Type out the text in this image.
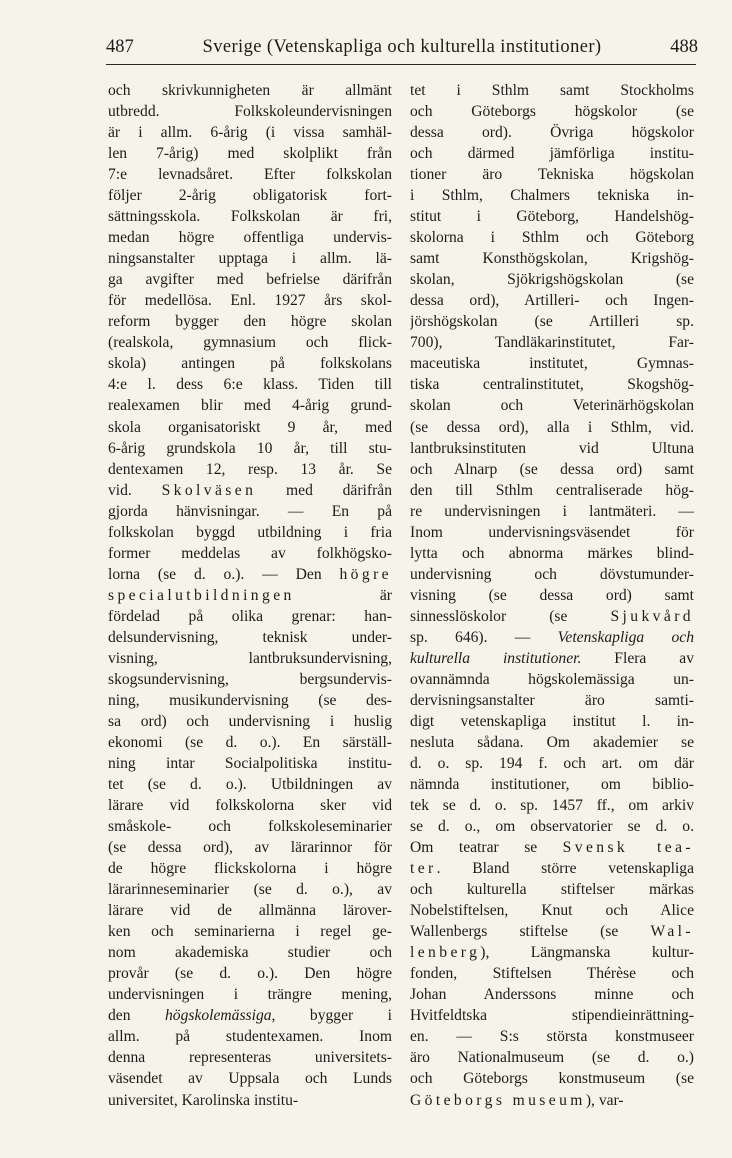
487	Sverige (Vetenskapliga och kulturella institutioner)	488
och skrivkunnigheten är allmänt
utbredd. Folkskoleundervisningen
är i allm. 6-årig (i vissa samhäl-
len 7-årig) med skolplikt från
7:e levnadsåret. Efter folkskolan
följer 2-årig obligatorisk fort-
sättningsskola. Folkskolan är fri,
medan högre offentliga undervis-
ningsanstalter upptaga i allm. lä-
ga avgifter med befrielse därifrån
för medellösa. Enl. 1927 års skol-
reform bygger den högre skolan
(realskola, gymnasium och flick-
skola) antingen på folkskolans
4:e l. dess 6:e klass. Tiden till
realexamen blir med 4-årig grund-
skola organisatoriskt 9 år, med
6-årig grundskola 10 år, till stu-
dentexamen 12, resp. 13 år. Se
vid. Skolväsen med därifrån
gjorda hänvisningar. — En på
folkskolan byggd utbildning i fria
former meddelas av folkhögsko-
lorna (se d. o.). — Den högre
specialutbildningen är
fördelad på olika grenar: han-
delsundervisning, teknisk under-
visning, lantbruksundervisning,
skogsundervisning, bergsundervis-
ning, musikundervisning (se des-
sa ord) och undervisning i huslig
ekonomi (se d. o.). En särställ-
ning intar Socialpolitiska institu-
tet (se d. o.). Utbildningen av
lärare vid folkskolorna sker vid
småskole- och folkskoleseminarier
(se dessa ord), av lärarinnor för
de högre flickskolorna i högre
lärarinneseminarier (se d. o.), av
lärare vid de allmänna lärover-
ken och seminarierna i regel ge-
nom akademiska studier och
provår (se d. o.). Den högre
undervisningen i trängre mening,
den högskolemässiga, bygger i
allm. på studentexamen. Inom
denna representeras universitets-
väsendet av Uppsala och Lunds
universitet, Karolinska institu-
tet i Sthlm samt Stockholms
och Göteborgs högskolor (se
dessa ord). Övriga högskolor
och därmed jämförliga institu-
tioner äro Tekniska högskolan
i Sthlm, Chalmers tekniska in-
stitut i Göteborg, Handelshög-
skolorna i Sthlm och Göteborg
samt Konsthögskolan, Krigshög-
skolan, Sjökrigshögskolan (se
dessa ord), Artilleri- och Ingen-
jörshögskolan (se Artilleri sp.
700), Tandläkarinstitutet, Far-
maceutiska institutet, Gymnas-
tiska centralinstitutet, Skogshög-
skolan och Veterinärhögskolan
(se dessa ord), alla i Sthlm, vid.
lantbruksinstituten vid Ultuna
och Alnarp (se dessa ord) samt
den till Sthlm centraliserade hög-
re undervisningen i lantmäteri. —
Inom undervisningsväsendet för
lytta och abnorma märkes blind-
undervisning och dövstumunder-
visning (se dessa ord) samt
sinnesslöskolor (se Sjukvård
sp. 646). — Vetenskapliga och
kulturella institutioner. Flera av
ovannämnda högskolemässiga un-
dervisningsanstalter äro samti-
digt vetenskapliga institut l. in-
nesluta sådana. Om akademier se
d. o. sp. 194 f. och art. om där
nämnda institutioner, om biblio-
tek se d. o. sp. 1457 ff., om arkiv
se d. o., om observatorier se d. o.
Om teatrar se Svensk tea-
ter. Bland större vetenskapliga
och kulturella stiftelser märkas
Nobelstiftelsen, Knut och Alice
Wallenbergs stiftelse (se Wal-
lenberg), Längmanska kultur-
fonden, Stiftelsen Thérèse och
Johan Anderssons minne och
Hvitfeldtska stipendieinrättning-
en. — S:s största konstmuseer
äro Nationalmuseum (se d. o.)
och Göteborgs konstmuseum (se
Göteborgs museum), var-
